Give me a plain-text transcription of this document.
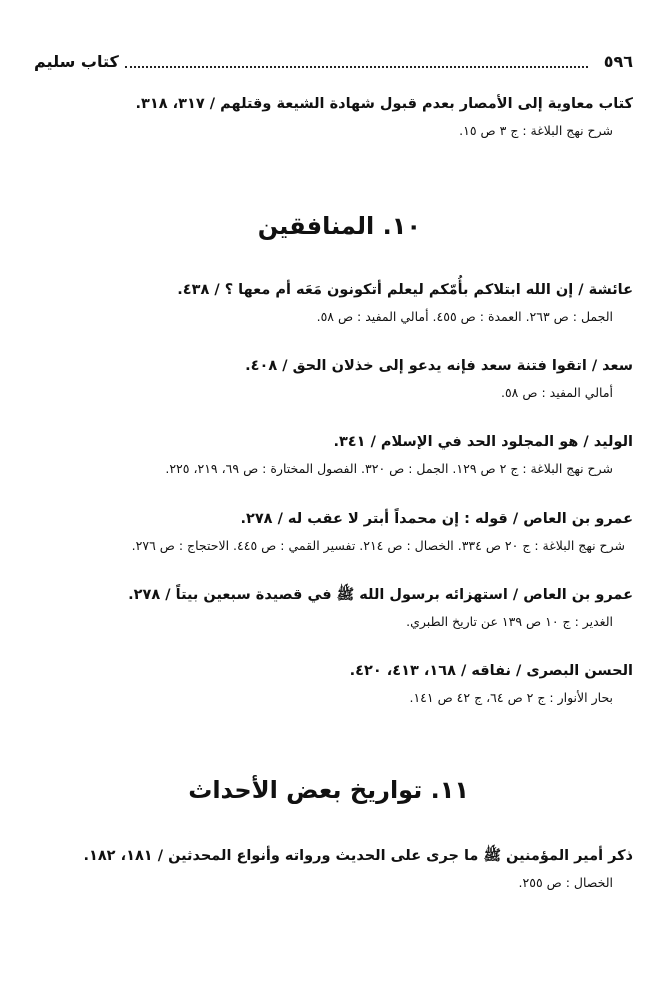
٥٩٦
كتاب سليم
كتاب معاوية إلى الأمصار بعدم قبول شهادة الشيعة وقتلهم / ٣١٧، ٣١٨.
شرح نهج البلاغة : ج ٣ ص ١٥.
١٠. المنافقين
عائشة / إن الله ابتلاكم بأُمّكم ليعلم أتكونون مَعَه أم معها ؟ / ٤٣٨.
الجمل : ص ٢٦٣. العمدة : ص ٤٥٥. أمالي المفيد : ص ٥٨.
سعد / اتقوا فتنة سعد فإنه يدعو إلى خذلان الحق / ٤٠٨.
أمالي المفيد : ص ٥٨.
الوليد / هو المجلود الحد في الإسلام / ٣٤١.
شرح نهج البلاغة : ج ٢ ص ١٢٩. الجمل : ص ٣٢٠. الفصول المختارة : ص ٦٩، ٢١٩، ٢٢٥.
عمرو بن العاص / قوله : إن محمداً أبتر لا عقب له / ٢٧٨.
شرح نهج البلاغة : ج ٢٠ ص ٣٣٤. الخصال : ص ٢١٤. تفسير القمي : ص ٤٤٥. الاحتجاج : ص ٢٧٦.
عمرو بن العاص / استهزائه برسول الله ﷺ في قصيدة سبعين بيتاً / ٢٧٨.
الغدير : ج ١٠ ص ١٣٩ عن تاريخ الطبري.
الحسن البصرى / نفاقه / ١٦٨، ٤١٣، ٤٢٠.
بحار الأنوار : ج ٢ ص ٦٤، ج ٤٢ ص ١٤١.
١١. تواريخ بعض الأحداث
ذكر أمير المؤمنين ﷺ ما جرى على الحديث ورواته وأنواع المحدثين / ١٨١، ١٨٢.
الخصال : ص ٢٥٥.
